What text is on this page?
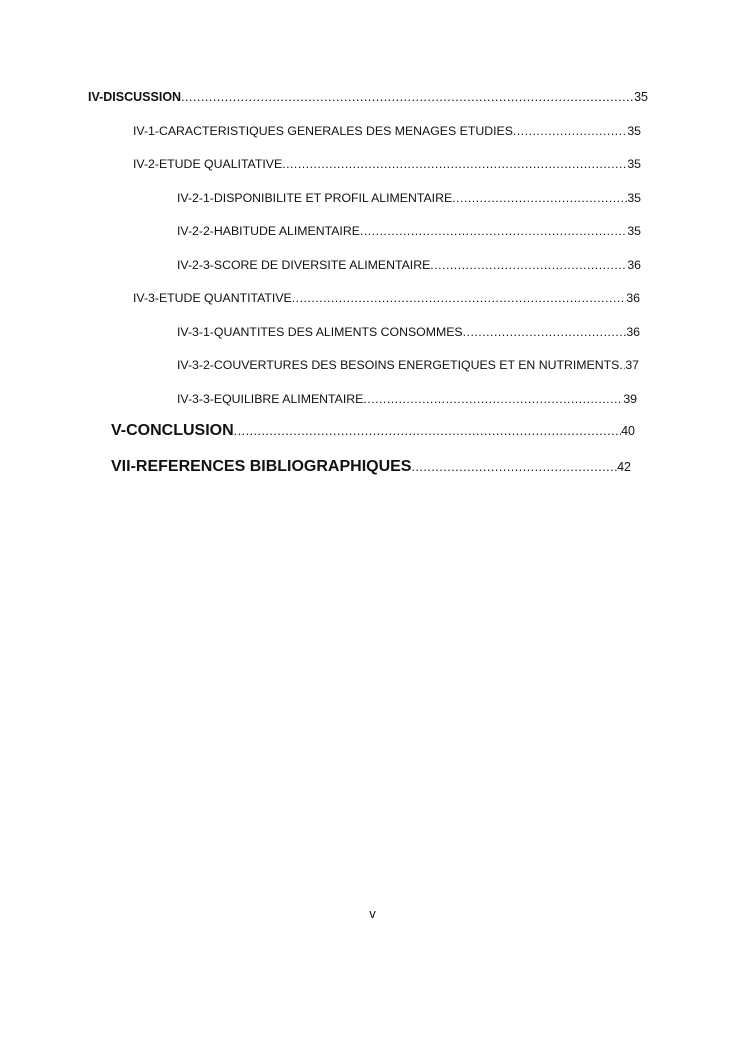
IV-DISCUSSION .....	35
IV-1-CARACTERISTIQUES GENERALES DES MENAGES ETUDIES .....	35
IV-2-ETUDE QUALITATIVE .....	35
IV-2-1-DISPONIBILITE ET PROFIL ALIMENTAIRE .....	35
IV-2-2-HABITUDE ALIMENTAIRE .....	35
IV-2-3-SCORE DE DIVERSITE ALIMENTAIRE .....	36
IV-3-ETUDE QUANTITATIVE .....	36
IV-3-1-QUANTITES DES ALIMENTS CONSOMMES .....	36
IV-3-2-COUVERTURES DES BESOINS ENERGETIQUES ET EN NUTRIMENTS ..... 37
IV-3-3-EQUILIBRE ALIMENTAIRE .....	39
V-CONCLUSION .....	40
VII-REFERENCES BIBLIOGRAPHIQUES .....	42
v
